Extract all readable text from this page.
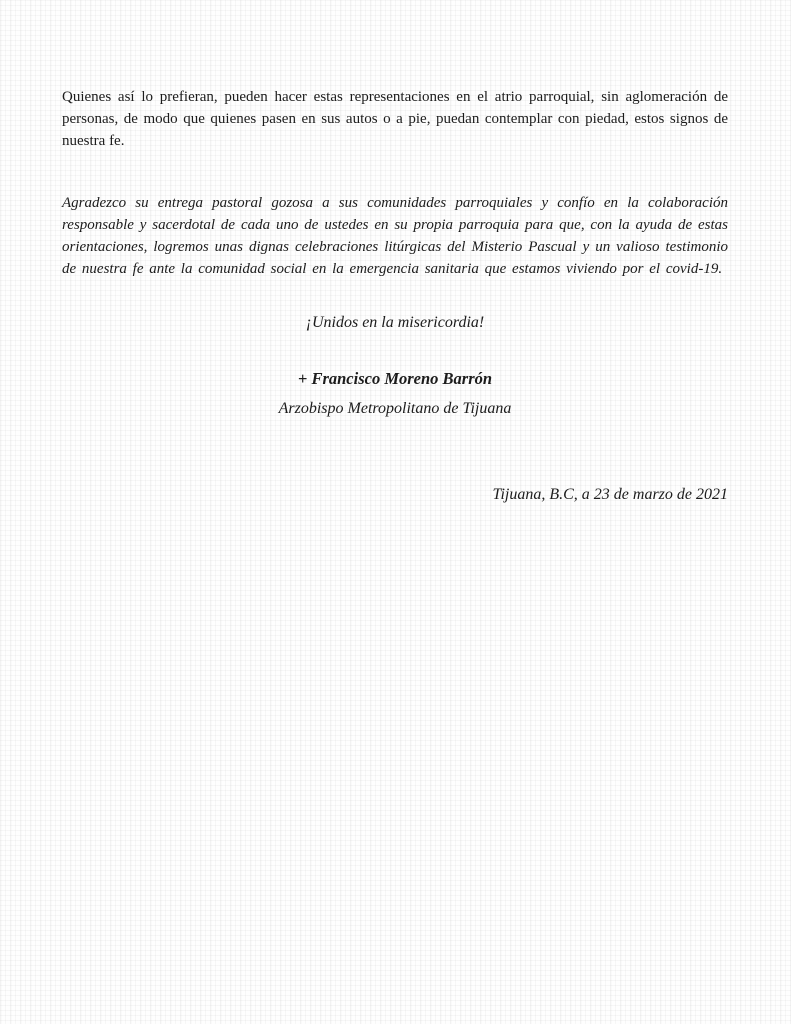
Quienes así lo prefieran, pueden hacer estas representaciones en el atrio parroquial, sin aglomeración de personas, de modo que quienes pasen en sus autos o a pie, puedan contemplar con piedad, estos signos de nuestra fe.

Agradezco su entrega pastoral gozosa a sus comunidades parroquiales y confío en la colaboración responsable y sacerdotal de cada uno de ustedes en su propia parroquia para que, con la ayuda de estas orientaciones, logremos unas dignas celebraciones litúrgicas del Misterio Pascual y un valioso testimonio de nuestra fe ante la comunidad social en la emergencia sanitaria que estamos viviendo por el covid-19.

¡Unidos en la misericordia!

+ Francisco Moreno Barrón

Arzobispo Metropolitano de Tijuana

Tijuana, B.C, a 23 de marzo de 2021
